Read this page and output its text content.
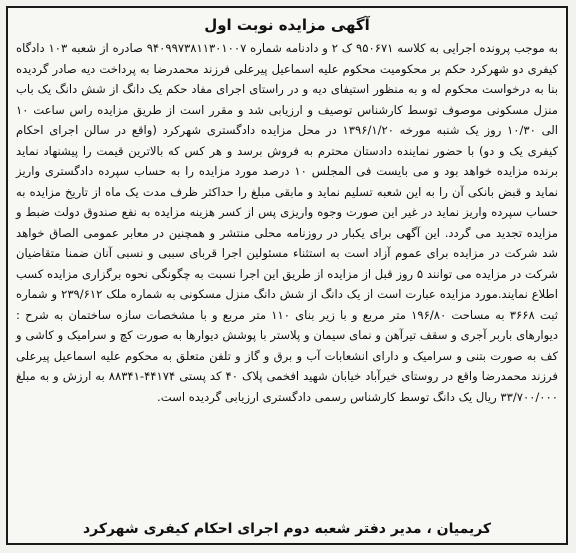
آگهی مزایده نوبت اول

به موجب پرونده اجرایی به کلاسه ۹۵۰۶۷۱ ک ۲ و دادنامه شماره ۹۴۰۹۹۷۳۸۱۱۳۰۱۰۰۷ صادره از شعبه ۱۰۳ دادگاه کیفری دو شهرکرد حکم بر محکومیت محکوم علیه اسماعیل پیرعلی فرزند محمدرضا به پرداخت دیه صادر گردیده بنا به درخواست محکوم له و به منظور استیفای دیه و در راستای اجرای مفاد حکم یک دانگ از شش دانگ یک باب منزل مسکونی موصوف توسط کارشناس توصیف و ارزیابی شد و مقرر است از طریق مزایده راس ساعت ۱۰ الی ۱۰/۳۰ روز یک شنبه مورخه ۱۳۹۶/۱/۲۰ در محل مزایده دادگستری شهرکرد (واقع در سالن اجرای احکام کیفری یک و دو) با حضور نماینده دادستان محترم به فروش برسد و هر کس که بالاترین قیمت را پیشنهاد نماید برنده مزایده خواهد بود و می بایست فی المجلس ۱۰ درصد مورد مزایده را به حساب سپرده دادگستری واریز نماید و قبض بانکی آن را به این شعبه تسلیم نماید و مابقی مبلغ را حداکثر ظرف مدت یک ماه از تاریخ مزایده به حساب سپرده واریز نماید در غیر این صورت وجوه واریزی پس از کسر هزینه مزایده به نفع صندوق دولت ضبط و مزایده تجدید می گردد. این آگهی برای یکبار در روزنامه محلی منتشر و همچنین در معابر عمومی الصاق خواهد شد شرکت در مزایده برای عموم آزاد است به استثناء مسئولین اجرا قربای سببی و نسبی آنان ضمنا متقاضیان شرکت در مزایده می توانند ۵ روز قبل از مزایده از طریق این اجرا نسبت به چگونگی نحوه برگزاری مزایده کسب اطلاع نمایند.مورد مزایده عبارت است از یک دانگ از شش دانگ منزل مسکونی به شماره ملک ۲۳۹/۶۱۲ و شماره ثبت ۳۶۶۸ به مساحت ۱۹۶/۸۰ متر مربع و با زیر بنای ۱۱۰ متر مربع و با مشخصات سازه ساختمان به شرح : دیوارهای باربر آجری و سقف تیرآهن و نمای سیمان و پلاستر با پوشش دیوارها به صورت کچ و سرامیک و کاشی و کف به صورت بتنی و سرامیک و دارای انشعابات آب و برق و گاز و تلفن متعلق به محکوم علیه اسماعیل پیرعلی فرزند محمدرضا واقع در روستای خیرآباد خیابان شهید افخمی پلاک ۴۰ کد پستی ۴۴۱۷۴-۸۸۳۴۱ به ارزش و به مبلغ ۳۳/۷۰۰/۰۰۰ ریال یک دانگ توسط کارشناس رسمی دادگستری ارزیابی گردیده است.

کریمیان ، مدیر دفتر شعبه دوم اجرای احکام کیفری شهرکرد
